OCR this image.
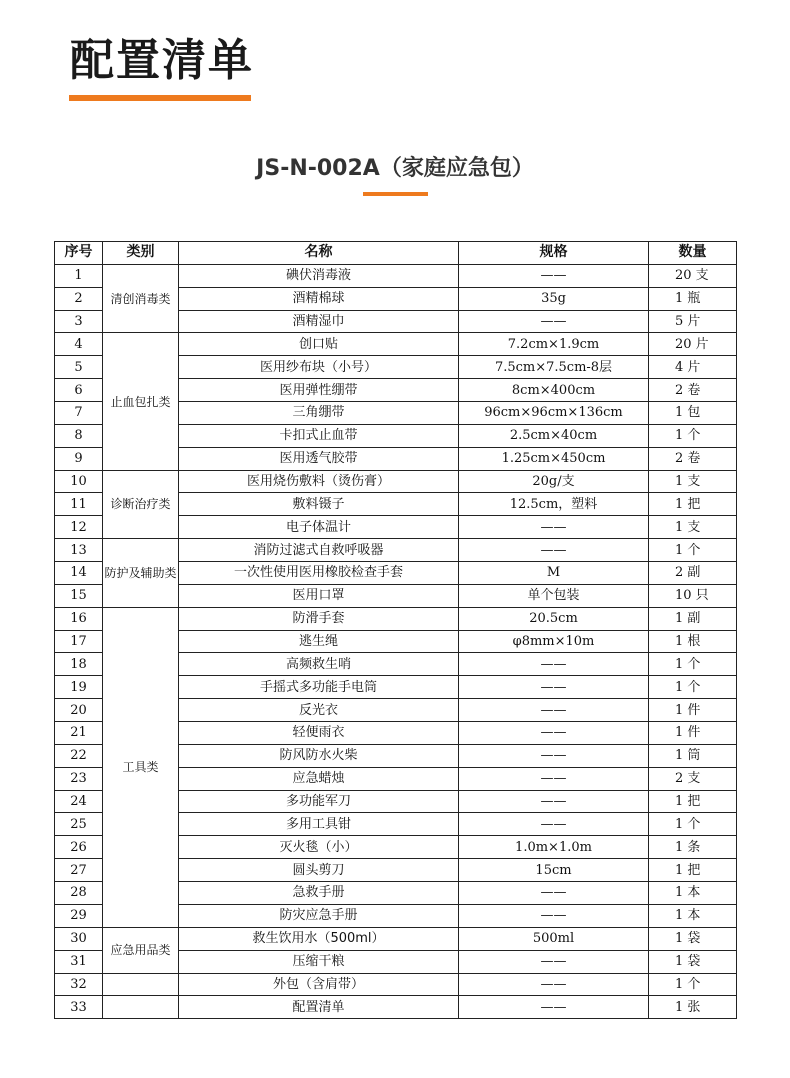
配置清单
JS-N-002A（家庭应急包）
序号	类别	名称	规格	数量
1	清创消毒类	碘伏消毒液	——	20 支
2		酒精棉球	35g	1 瓶
3		酒精湿巾	——	5 片
4	止血包扎类	创口贴	7.2cm×1.9cm	20 片
5		医用纱布块（小号）	7.5cm×7.5cm-8层	4 片
6		医用弹性绷带	8cm×400cm	2 卷
7		三角绷带	96cm×96cm×136cm	1 包
8		卡扣式止血带	2.5cm×40cm	1 个
9		医用透气胶带	1.25cm×450cm	2 卷
10	诊断治疗类	医用烧伤敷料（烫伤膏）	20g/支	1 支
11		敷料镊子	12.5cm，塑料	1 把
12		电子体温计	——	1 支
13	防护及辅助类	消防过滤式自救呼吸器	——	1 个
14		一次性使用医用橡胶检查手套	M	2 副
15		医用口罩	单个包装	10 只
16	工具类	防滑手套	20.5cm	1 副
17		逃生绳	φ8mm×10m	1 根
18		高频救生哨	——	1 个
19		手摇式多功能手电筒	——	1 个
20		反光衣	——	1 件
21		轻便雨衣	——	1 件
22		防风防水火柴	——	1 筒
23		应急蜡烛	——	2 支
24		多功能军刀	——	1 把
25		多用工具钳	——	1 个
26		灭火毯（小）	1.0m×1.0m	1 条
27		圆头剪刀	15cm	1 把
28		急救手册	——	1 本
29		防灾应急手册	——	1 本
30	应急用品类	救生饮用水（500ml）	500ml	1 袋
31		压缩干粮	——	1 袋
32		外包（含肩带）	——	1 个
33		配置清单	——	1 张
